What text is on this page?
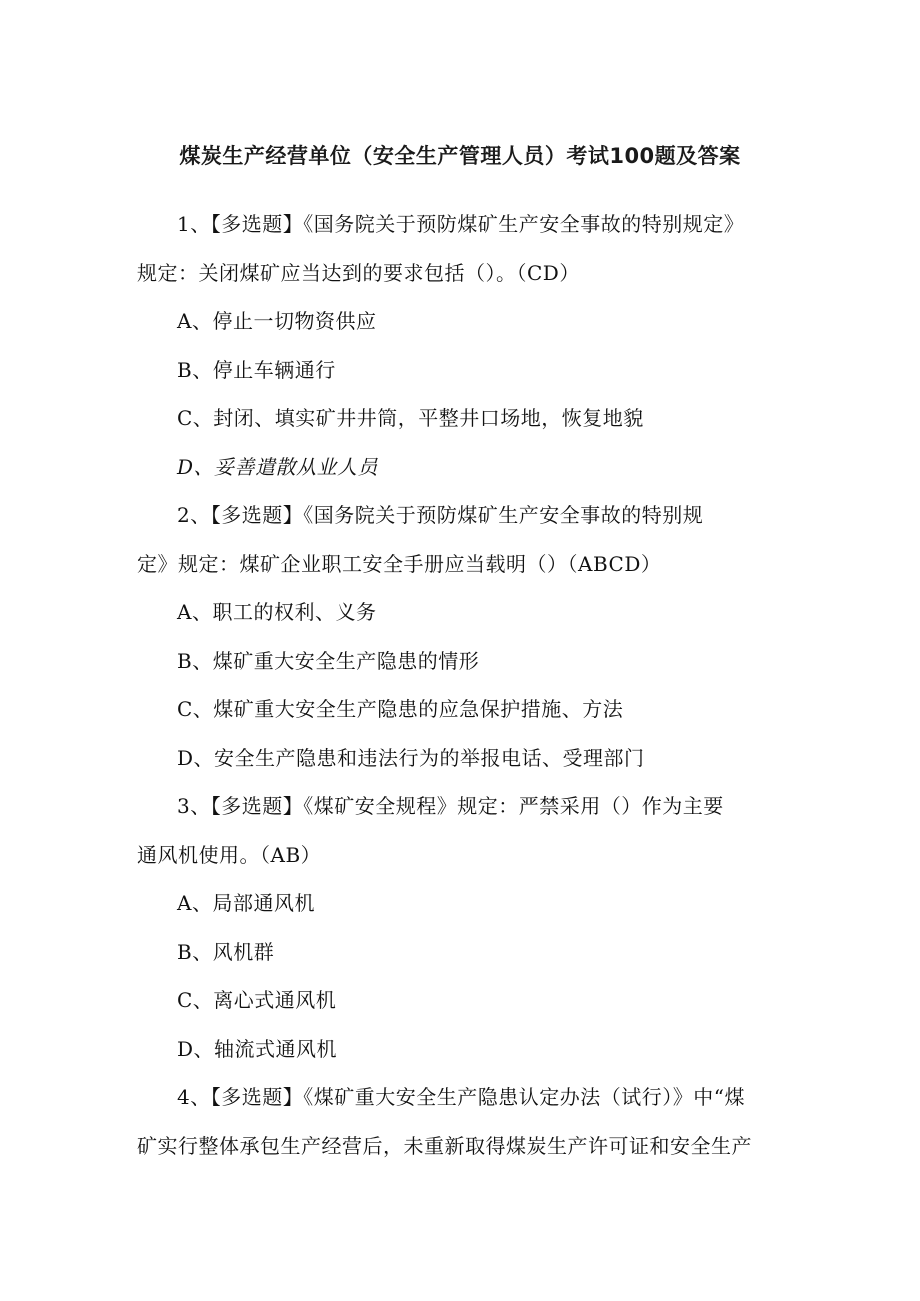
煤炭生产经营单位（安全生产管理人员）考试100题及答案
1、【多选题】《国务院关于预防煤矿生产安全事故的特别规定》
规定：关闭煤矿应当达到的要求包括（）。（CD）
A、停止一切物资供应
B、停止车辆通行
C、封闭、填实矿井井筒，平整井口场地，恢复地貌
D、妥善遣散从业人员
2、【多选题】《国务院关于预防煤矿生产安全事故的特别规
定》规定：煤矿企业职工安全手册应当载明（）（ABCD）
A、职工的权利、义务
B、煤矿重大安全生产隐患的情形
C、煤矿重大安全生产隐患的应急保护措施、方法
D、安全生产隐患和违法行为的举报电话、受理部门
3、【多选题】《煤矿安全规程》规定：严禁采用（）作为主要
通风机使用。（AB）
A、局部通风机
B、风机群
C、离心式通风机
D、轴流式通风机
4、【多选题】《煤矿重大安全生产隐患认定办法（试行）》中“煤
矿实行整体承包生产经营后，未重新取得煤炭生产许可证和安全生产
